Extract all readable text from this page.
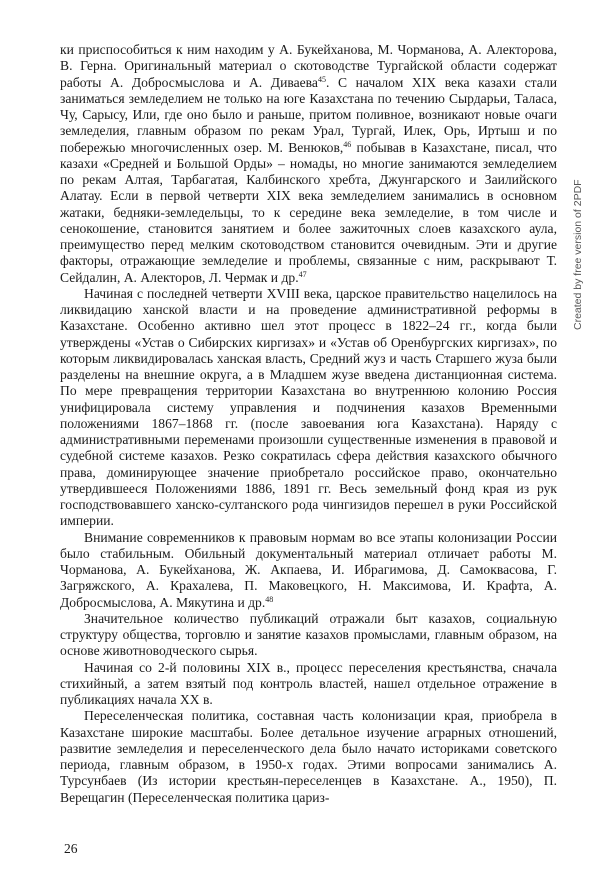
ки приспособиться к ним находим у А. Букейханова, М. Чорманова, А. Алекторова, В. Герна. Оригинальный материал о скотоводстве Тургайской области содержат работы А. Добросмыслова и А. Диваева$^{45}$. С началом XIX века казахи стали заниматься земледелием не только на юге Казахстана по течению Сырдарьи, Таласа, Чу, Сарысу, Или, где оно было и раньше, притом поливное, возникают новые очаги земледелия, главным образом по рекам Урал, Тургай, Илек, Орь, Иртыш и по побережью многочисленных озер. М. Венюков,$^{46}$ побывав в Казахстане, писал, что казахи «Средней и Большой Орды» – номады, но многие занимаются земледелием по рекам Алтая, Тарбагатая, Калбинского хребта, Джунгарского и Заилийского Алатау. Если в первой четверти XIX века земледелием занимались в основном жатаки, бедняки-земледельцы, то к середине века земледелие, в том числе и сенокошение, становится занятием и более зажиточных слоев казахского аула, преимущество перед мелким скотоводством становится очевидным. Эти и другие факторы, отражающие земледелие и проблемы, связанные с ним, раскрывают Т. Сейдалин, А. Алекторов, Л. Чермак и др.$^{47}$

Начиная с последней четверти XVIII века, царское правительство нацелилось на ликвидацию ханской власти и на проведение административной реформы в Казахстане. Особенно активно шел этот процесс в 1822–24 гг., когда были утверждены «Устав о Сибирских киргизах» и «Устав об Оренбургских киргизах», по которым ликвидировалась ханская власть, Средний жуз и часть Старшего жуза были разделены на внешние округа, а в Младшем жузе введена дистанционная система. По мере превращения территории Казахстана во внутреннюю колонию Россия унифицировала систему управления и подчинения казахов Временными положениями 1867–1868 гг. (после завоевания юга Казахстана). Наряду с административными переменами произошли существенные изменения в правовой и судебной системе казахов. Резко сократилась сфера действия казахского обычного права, доминирующее значение приобретало российское право, окончательно утвердившееся Положениями 1886, 1891 гг. Весь земельный фонд края из рук господствовавшего ханско-султанского рода чингизидов перешел в руки Российской империи.

Внимание современников к правовым нормам во все этапы колонизации России было стабильным. Обильный документальный материал отличает работы М. Чорманова, А. Букейханова, Ж. Акпаева, И. Ибрагимова, Д. Самоквасова, Г. Загряжского, А. Крахалева, П. Маковецкого, Н. Максимова, И. Крафта, А. Добросмыслова, А. Мякутина и др.$^{48}$

Значительное количество публикаций отражали быт казахов, социальную структуру общества, торговлю и занятие казахов промыслами, главным образом, на основе животноводческого сырья.

Начиная со 2-й половины XIX в., процесс переселения крестьянства, сначала стихийный, а затем взятый под контроль властей, нашел отдельное отражение в публикациях начала XX в.

Переселенческая политика, составная часть колонизации края, приобрела в Казахстане широкие масштабы. Более детальное изучение аграрных отношений, развитие земледелия и переселенческого дела было начато историками советского периода, главным образом, в 1950-х годах. Этими вопросами занимались А. Турсунбаев (Из истории крестьян-переселенцев в Казахстане. А., 1950), П. Верещагин (Переселенческая политика цариз-

26
Created by free version of 2PDF
